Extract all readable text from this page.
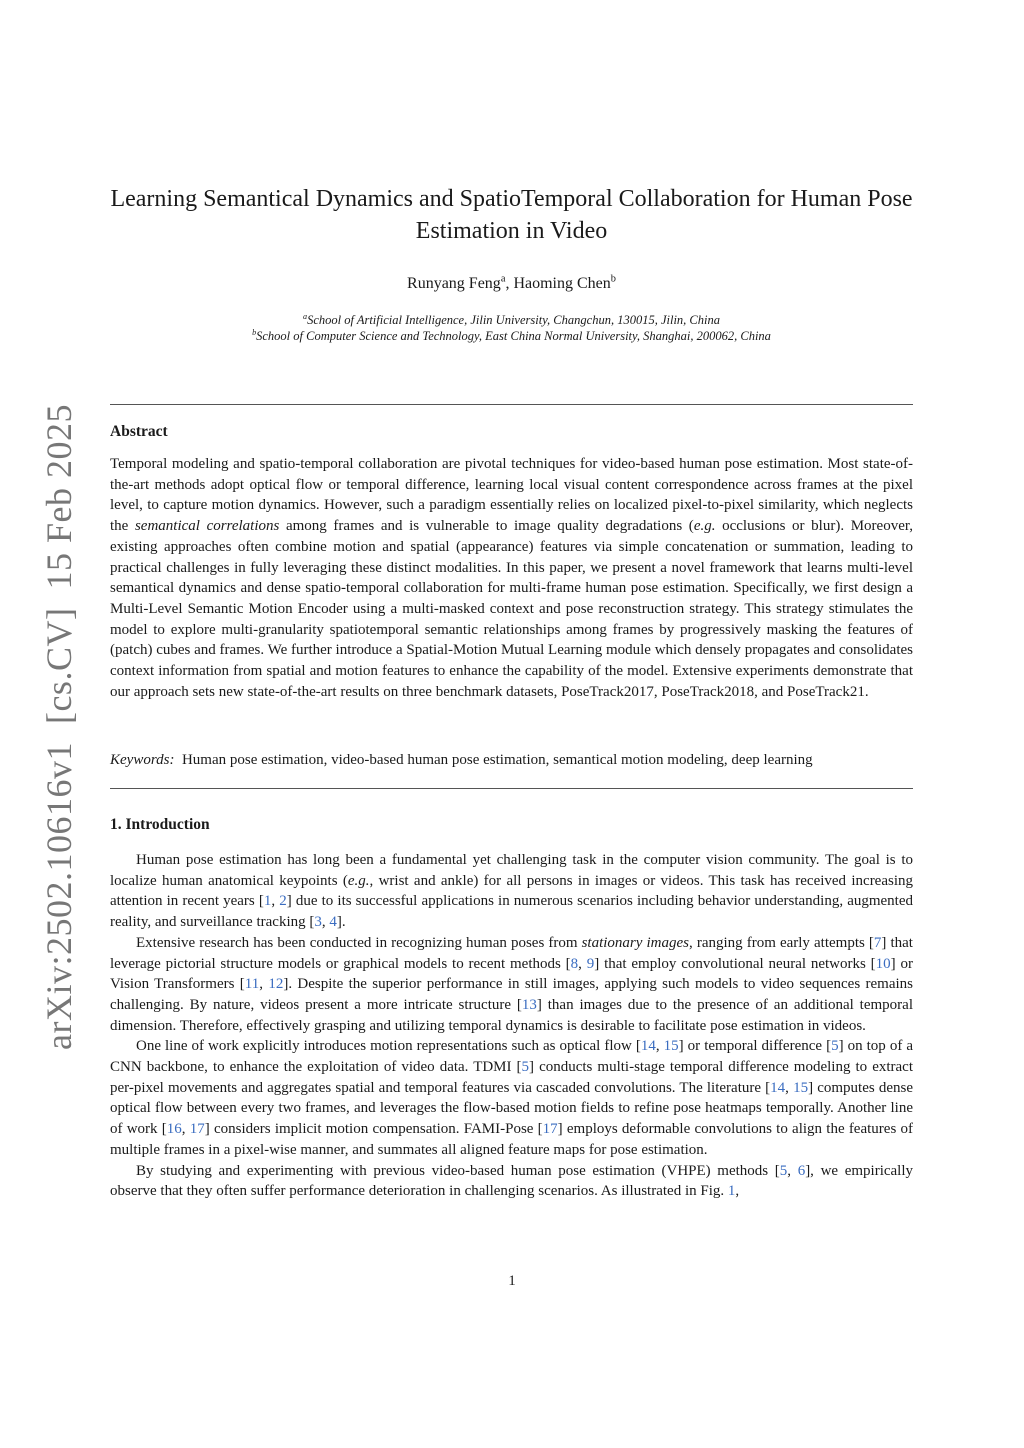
arXiv:2502.10616v1[cs.CV]15 Feb 2025
Learning Semantical Dynamics and SpatioTemporal Collaboration for Human Pose Estimation in Video
Runyang Feng$^a$, Haoming Chen$^b$
$^a$School of Artificial Intelligence, Jilin University, Changchun, 130015, Jilin, China
$^b$School of Computer Science and Technology, East China Normal University, Shanghai, 200062, China
Abstract

Temporal modeling and spatio-temporal collaboration are pivotal techniques for video-based human pose estimation. Most state-of-the-art methods adopt optical flow or temporal difference, learning local visual content correspondence across frames at the pixel level, to capture motion dynamics. However, such a paradigm essentially relies on localized pixel-to-pixel similarity, which neglects the semantical correlations among frames and is vulnerable to image quality degradations (e.g. occlusions or blur). Moreover, existing approaches often combine motion and spatial (appearance) features via simple concatenation or summation, leading to practical challenges in fully leveraging these distinct modalities. In this paper, we present a novel framework that learns multi-level semantical dynamics and dense spatio-temporal collaboration for multi-frame human pose estimation. Specifically, we first design a Multi-Level Semantic Motion Encoder using a multi-masked context and pose reconstruction strategy. This strategy stimulates the model to explore multi-granularity spatiotemporal semantic relationships among frames by progressively masking the features of (patch) cubes and frames. We further introduce a Spatial-Motion Mutual Learning module which densely propagates and consolidates context information from spatial and motion features to enhance the capability of the model. Extensive experiments demonstrate that our approach sets new state-of-the-art results on three benchmark datasets, PoseTrack2017, PoseTrack2018, and PoseTrack21.

Keywords: Human pose estimation, video-based human pose estimation, semantical motion modeling, deep learning

1. Introduction

Human pose estimation has long been a fundamental yet challenging task in the computer vision community. The goal is to localize human anatomical keypoints (e.g., wrist and ankle) for all persons in images or videos. This task has received increasing attention in recent years [1, 2] due to its successful applications in numerous scenarios including behavior understanding, augmented reality, and surveillance tracking [3, 4].

Extensive research has been conducted in recognizing human poses from stationary images, ranging from early attempts [7] that leverage pictorial structure models or graphical models to recent methods [8, 9] that employ convolutional neural networks [10] or Vision Transformers [11, 12]. Despite the superior performance in still images, applying such models to video sequences remains challenging. By nature, videos present a more intricate structure [13] than images due to the presence of an additional temporal dimension. Therefore, effectively grasping and utilizing temporal dynamics is desirable to facilitate pose estimation in videos.

One line of work explicitly introduces motion representations such as optical flow [14, 15] or temporal difference [5] on top of a CNN backbone, to enhance the exploitation of video data. TDMI [5] conducts multi-stage temporal difference modeling to extract per-pixel movements and aggregates spatial and temporal features via cascaded convolutions. The literature [14, 15] computes dense optical flow between every two frames, and leverages the flow-based motion fields to refine pose heatmaps temporally. Another line of work [16, 17] considers implicit motion compensation. FAMI-Pose [17] employs deformable convolutions to align the features of multiple frames in a pixel-wise manner, and summates all aligned feature maps for pose estimation.

By studying and experimenting with previous video-based human pose estimation (VHPE) methods [5, 6], we empirically observe that they often suffer performance deterioration in challenging scenarios. As illustrated in Fig. 1,

1
